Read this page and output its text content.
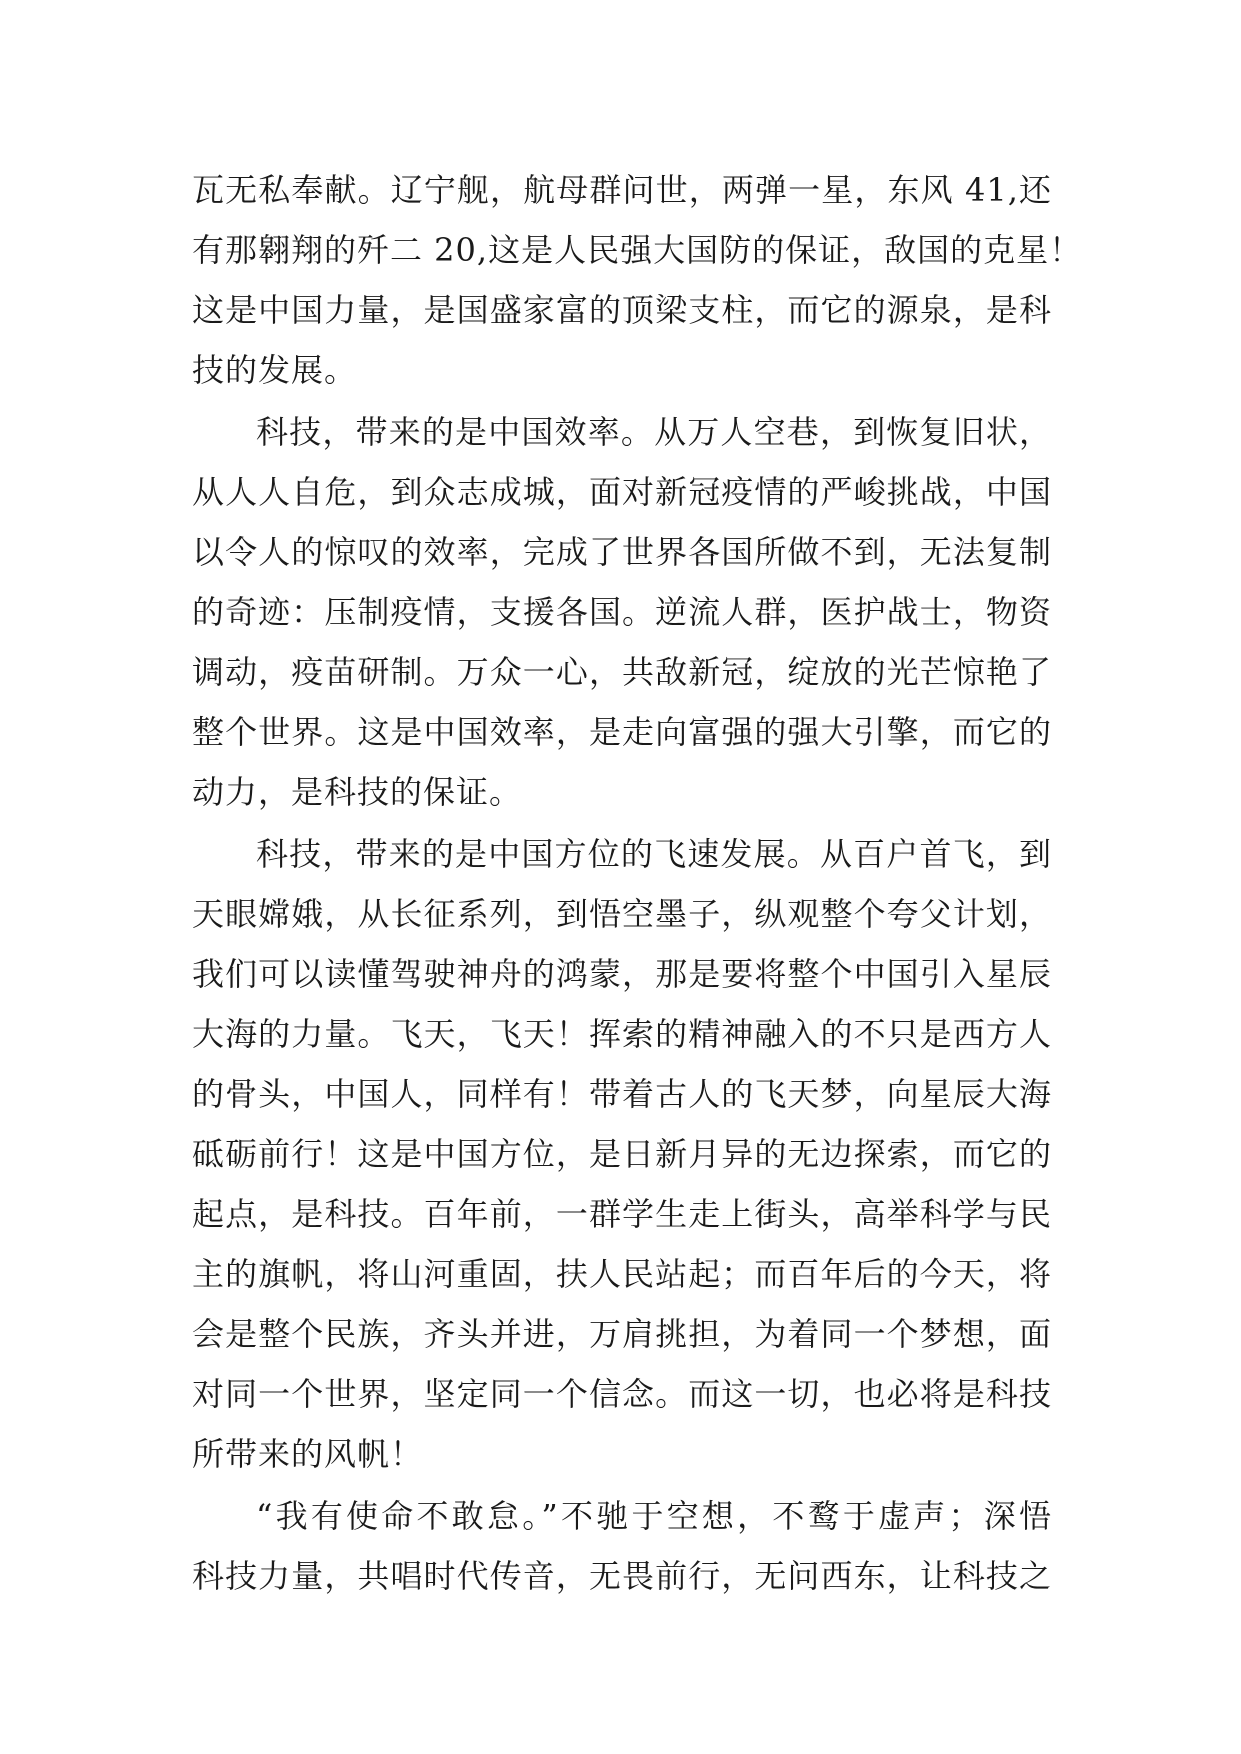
瓦无私奉献。辽宁舰，航母群问世，两弹一星，东风 41,还
有那翱翔的歼二 20,这是人民强大国防的保证，敌国的克星！
这是中国力量，是国盛家富的顶梁支柱，而它的源泉，是科
技的发展。
科技，带来的是中国效率。从万人空巷，到恢复旧状，
从人人自危，到众志成城，面对新冠疫情的严峻挑战，中国
以令人的惊叹的效率，完成了世界各国所做不到，无法复制
的奇迹：压制疫情，支援各国。逆流人群，医护战士，物资
调动，疫苗研制。万众一心，共敌新冠，绽放的光芒惊艳了
整个世界。这是中国效率，是走向富强的强大引擎，而它的
动力，是科技的保证。
科技，带来的是中国方位的飞速发展。从百户首飞，到
天眼嫦娥，从长征系列，到悟空墨子，纵观整个夸父计划，
我们可以读懂驾驶神舟的鸿蒙，那是要将整个中国引入星辰
大海的力量。飞天，飞天！挥索的精神融入的不只是西方人
的骨头，中国人，同样有！带着古人的飞天梦，向星辰大海
砥砺前行！这是中国方位，是日新月异的无边探索，而它的
起点，是科技。百年前，一群学生走上街头，高举科学与民
主的旗帆，将山河重固，扶人民站起；而百年后的今天，将
会是整个民族，齐头并进，万肩挑担，为着同一个梦想，面
对同一个世界，坚定同一个信念。而这一切，也必将是科技
所带来的风帆！
“我有使命不敢怠。”不驰于空想，不鹜于虚声；深悟
科技力量，共唱时代传音，无畏前行，无问西东，让科技之
